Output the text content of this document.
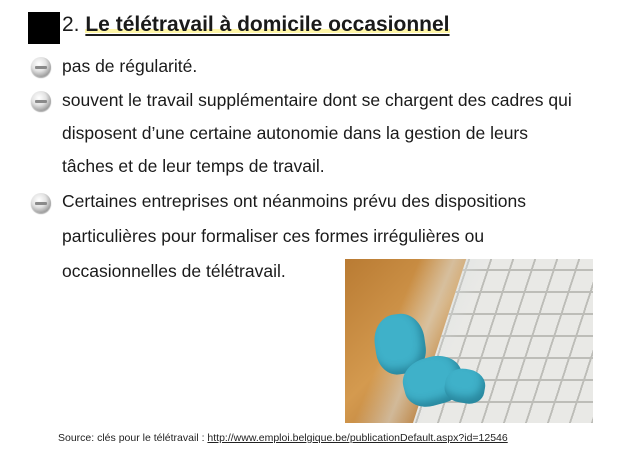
2. Le télétravail à domicile occasionnel
pas de régularité.
souvent le travail supplémentaire dont se chargent des cadres qui
disposent d’une certaine autonomie dans la gestion de leurs
tâches et de leur temps de travail.
Certaines entreprises ont néanmoins prévu des dispositions
particulières pour formaliser ces formes irrégulières ou
occasionnelles de télétravail.
Source: clés pour le télétravail : http://www.emploi.belgique.be/publicationDefault.aspx?id=12546
